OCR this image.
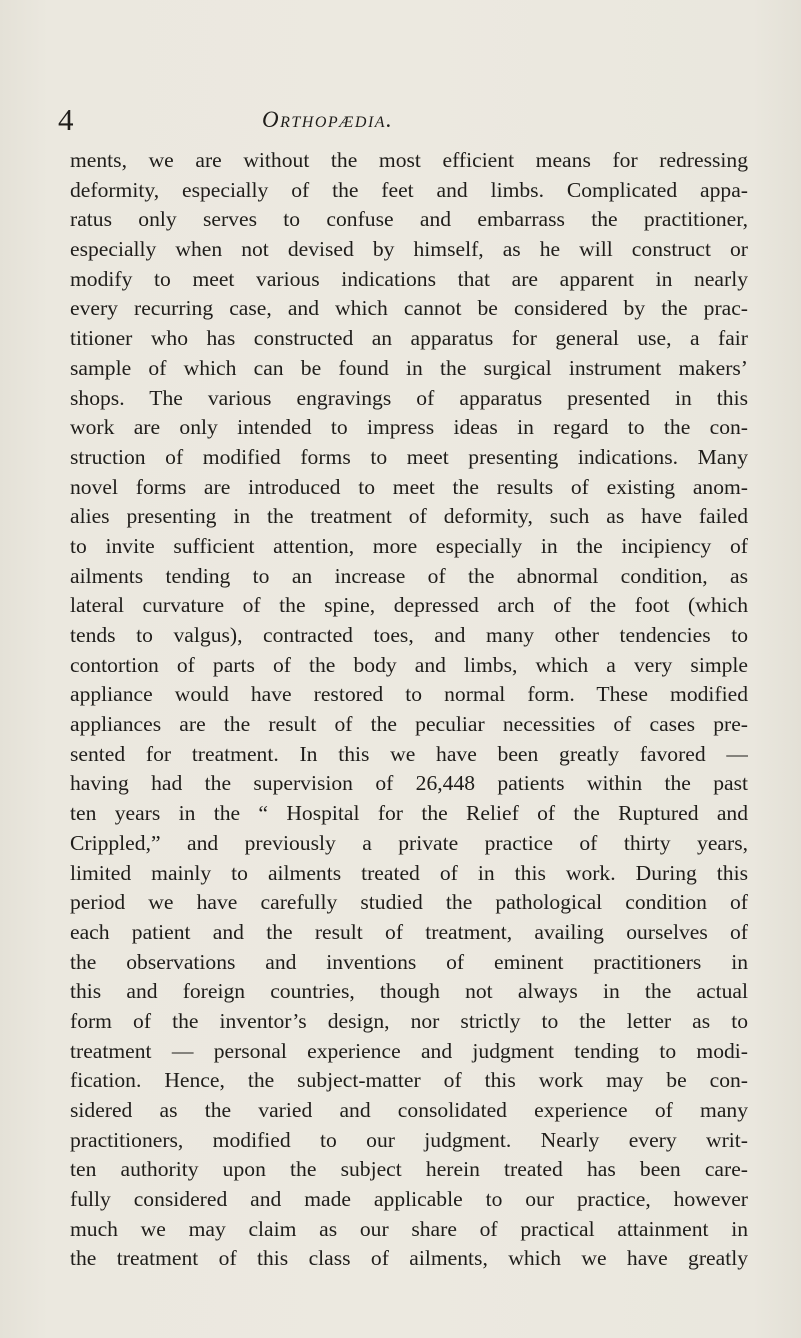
4	Orthopædia.
ments, we are without the most efficient means for redressing
deformity, especially of the feet and limbs. Complicated appa-
ratus only serves to confuse and embarrass the practitioner,
especially when not devised by himself, as he will construct or
modify to meet various indications that are apparent in nearly
every recurring case, and which cannot be considered by the prac-
titioner who has constructed an apparatus for general use, a fair
sample of which can be found in the surgical instrument makers’
shops. The various engravings of apparatus presented in this
work are only intended to impress ideas in regard to the con-
struction of modified forms to meet presenting indications. Many
novel forms are introduced to meet the results of existing anom-
alies presenting in the treatment of deformity, such as have failed
to invite sufficient attention, more especially in the incipiency of
ailments tending to an increase of the abnormal condition, as
lateral curvature of the spine, depressed arch of the foot (which
tends to valgus), contracted toes, and many other tendencies to
contortion of parts of the body and limbs, which a very simple
appliance would have restored to normal form. These modified
appliances are the result of the peculiar necessities of cases pre-
sented for treatment. In this we have been greatly favored —
having had the supervision of 26,448 patients within the past
ten years in the “ Hospital for the Relief of the Ruptured and
Crippled,” and previously a private practice of thirty years,
limited mainly to ailments treated of in this work. During this
period we have carefully studied the pathological condition of
each patient and the result of treatment, availing ourselves of
the observations and inventions of eminent practitioners in
this and foreign countries, though not always in the actual
form of the inventor’s design, nor strictly to the letter as to
treatment — personal experience and judgment tending to modi-
fication. Hence, the subject-matter of this work may be con-
sidered as the varied and consolidated experience of many
practitioners, modified to our judgment. Nearly every writ-
ten authority upon the subject herein treated has been care-
fully considered and made applicable to our practice, however
much we may claim as our share of practical attainment in
the treatment of this class of ailments, which we have greatly
